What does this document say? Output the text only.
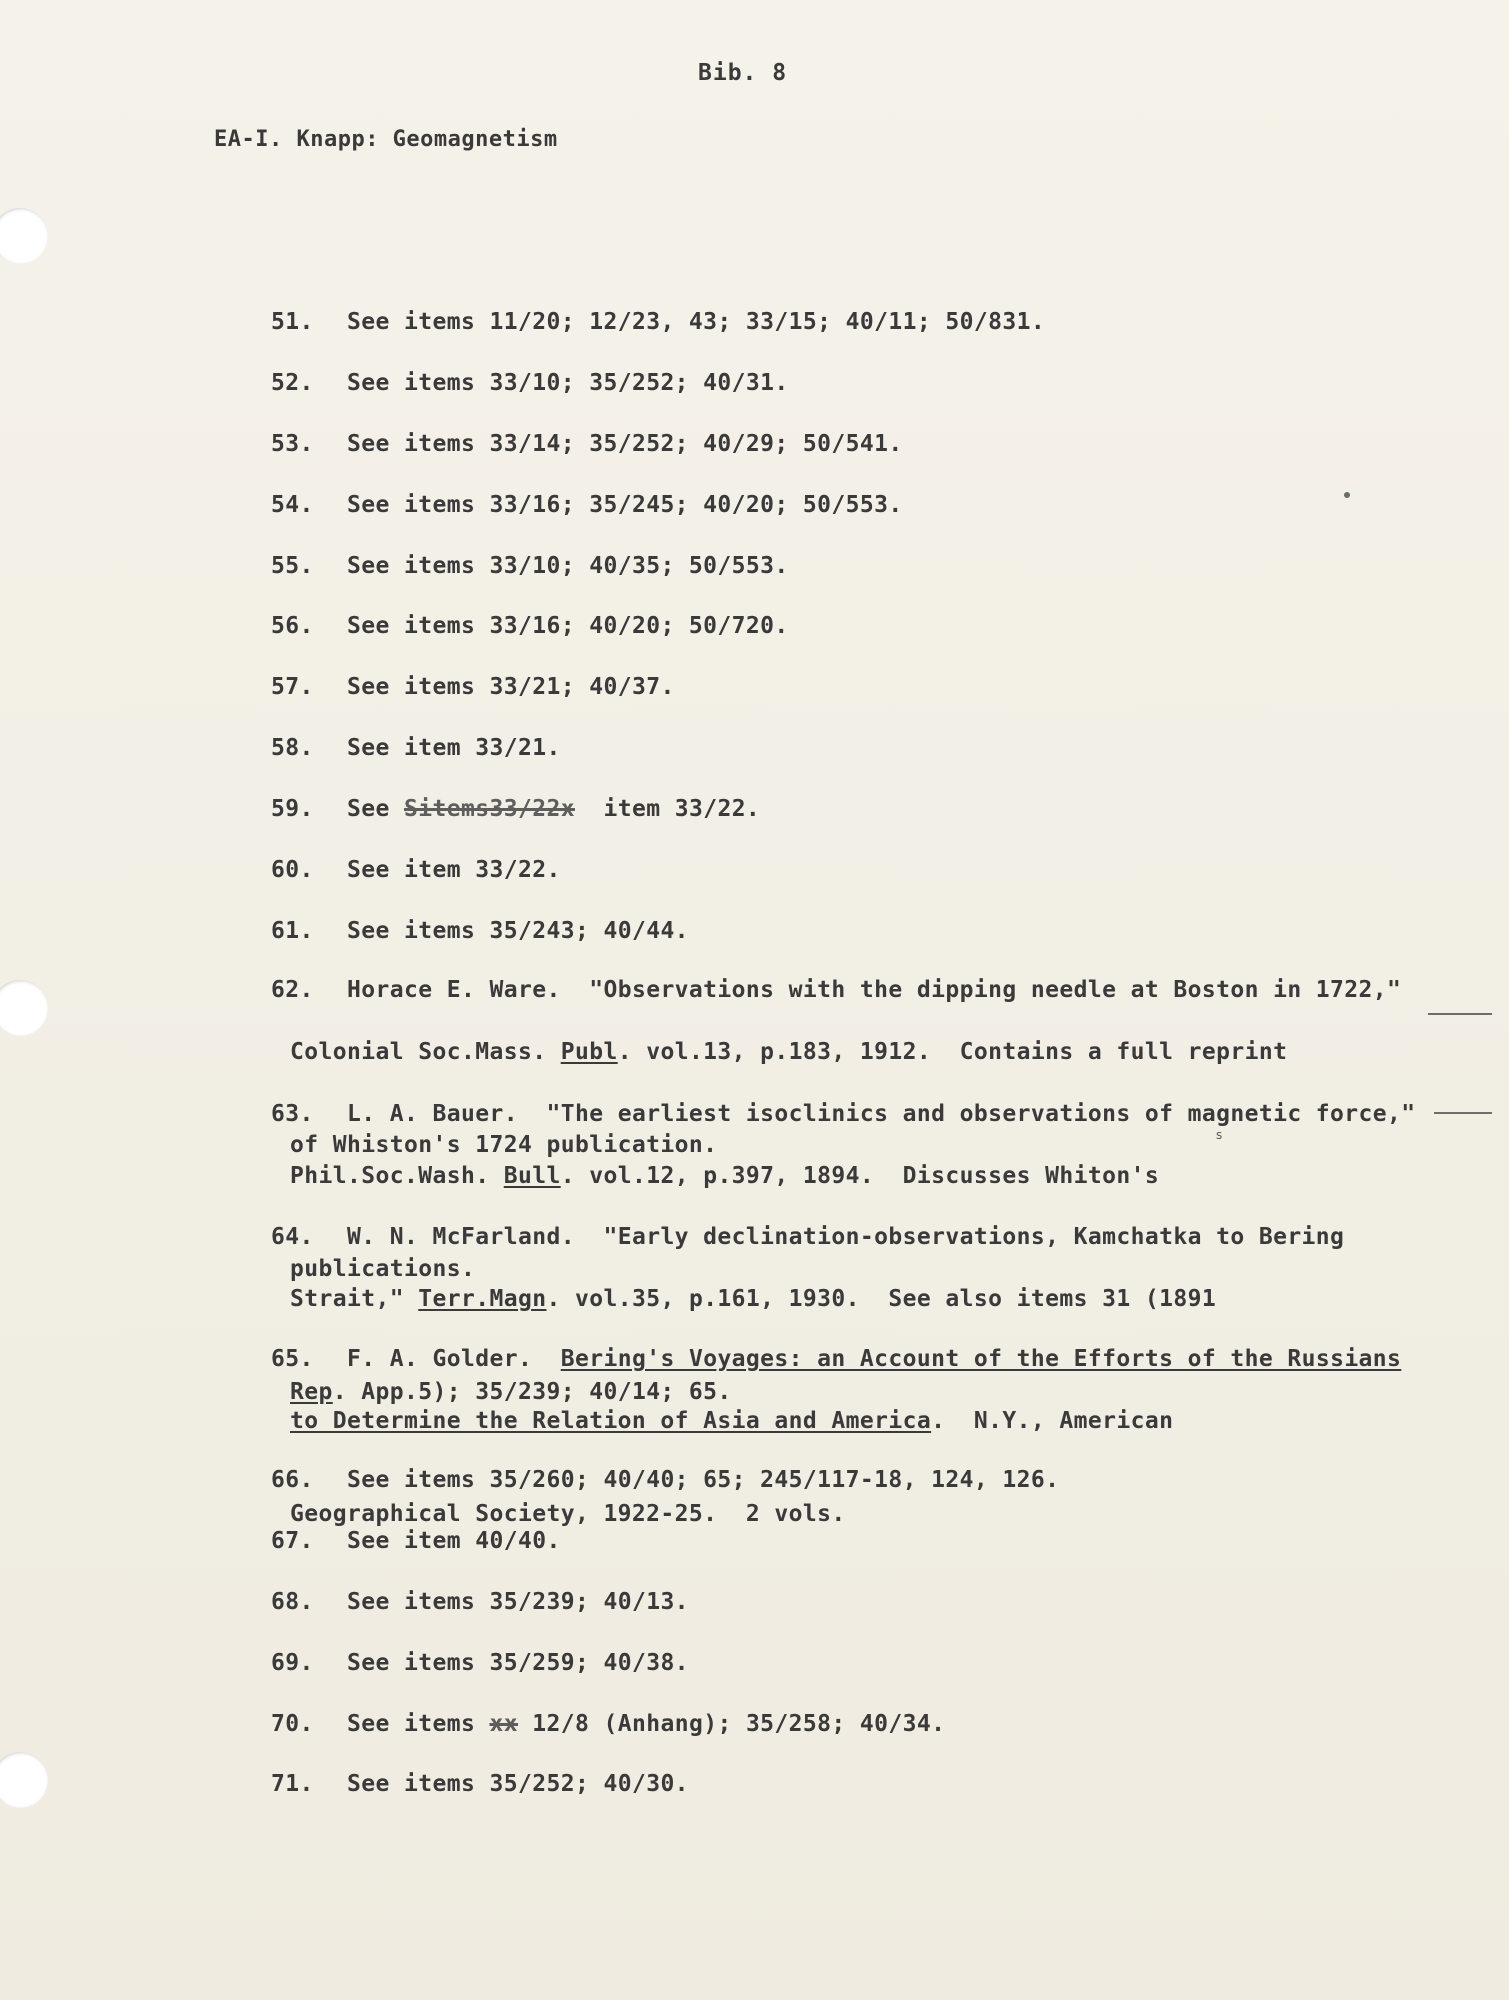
Bib. 8
EA-I. Knapp: Geomagnetism

51. See items 11/20; 12/23, 43; 33/15; 40/11; 50/831.

52. See items 33/10; 35/252; 40/31.

53. See items 33/14; 35/252; 40/29; 50/541.

54. See items 33/16; 35/245; 40/20; 50/553.

55. See items 33/10; 40/35; 50/553.

56. See items 33/16; 40/20; 50/720.

57. See items 33/21; 40/37.

58. See item 33/21.

59. See Sitems33/22x  item 33/22.

60. See item 33/22.

61. See items 35/243; 40/44.

62. Horace E. Ware.  "Observations with the dipping needle at Boston in 1722,"

Colonial Soc.Mass. Publ. vol.13, p.183, 1912.  Contains a full reprint

of Whiston's 1724 publication.

63. L. A. Bauer.  "The earliest isoclinics and observations of magnetic force,"

Phil.Soc.Wash. Bull. vol.12, p.397, 1894.  Discusses Whiton's

publications.

64. W. N. McFarland.  "Early declination-observations, Kamchatka to Bering

Strait," Terr.Magn. vol.35, p.161, 1930.  See also items 31 (1891

Rep. App.5); 35/239; 40/14; 65.

65. F. A. Golder.  Bering's Voyages: an Account of the Efforts of the Russians

to Determine the Relation of Asia and America.  N.Y., American

Geographical Society, 1922-25.  2 vols.

66. See items 35/260; 40/40; 65; 245/117-18, 124, 126.

67. See item 40/40.

68. See items 35/239; 40/13.

69. See items 35/259; 40/38.

70. See items xx 12/8 (Anhang); 35/258; 40/34.

71. See items 35/252; 40/30.

s
